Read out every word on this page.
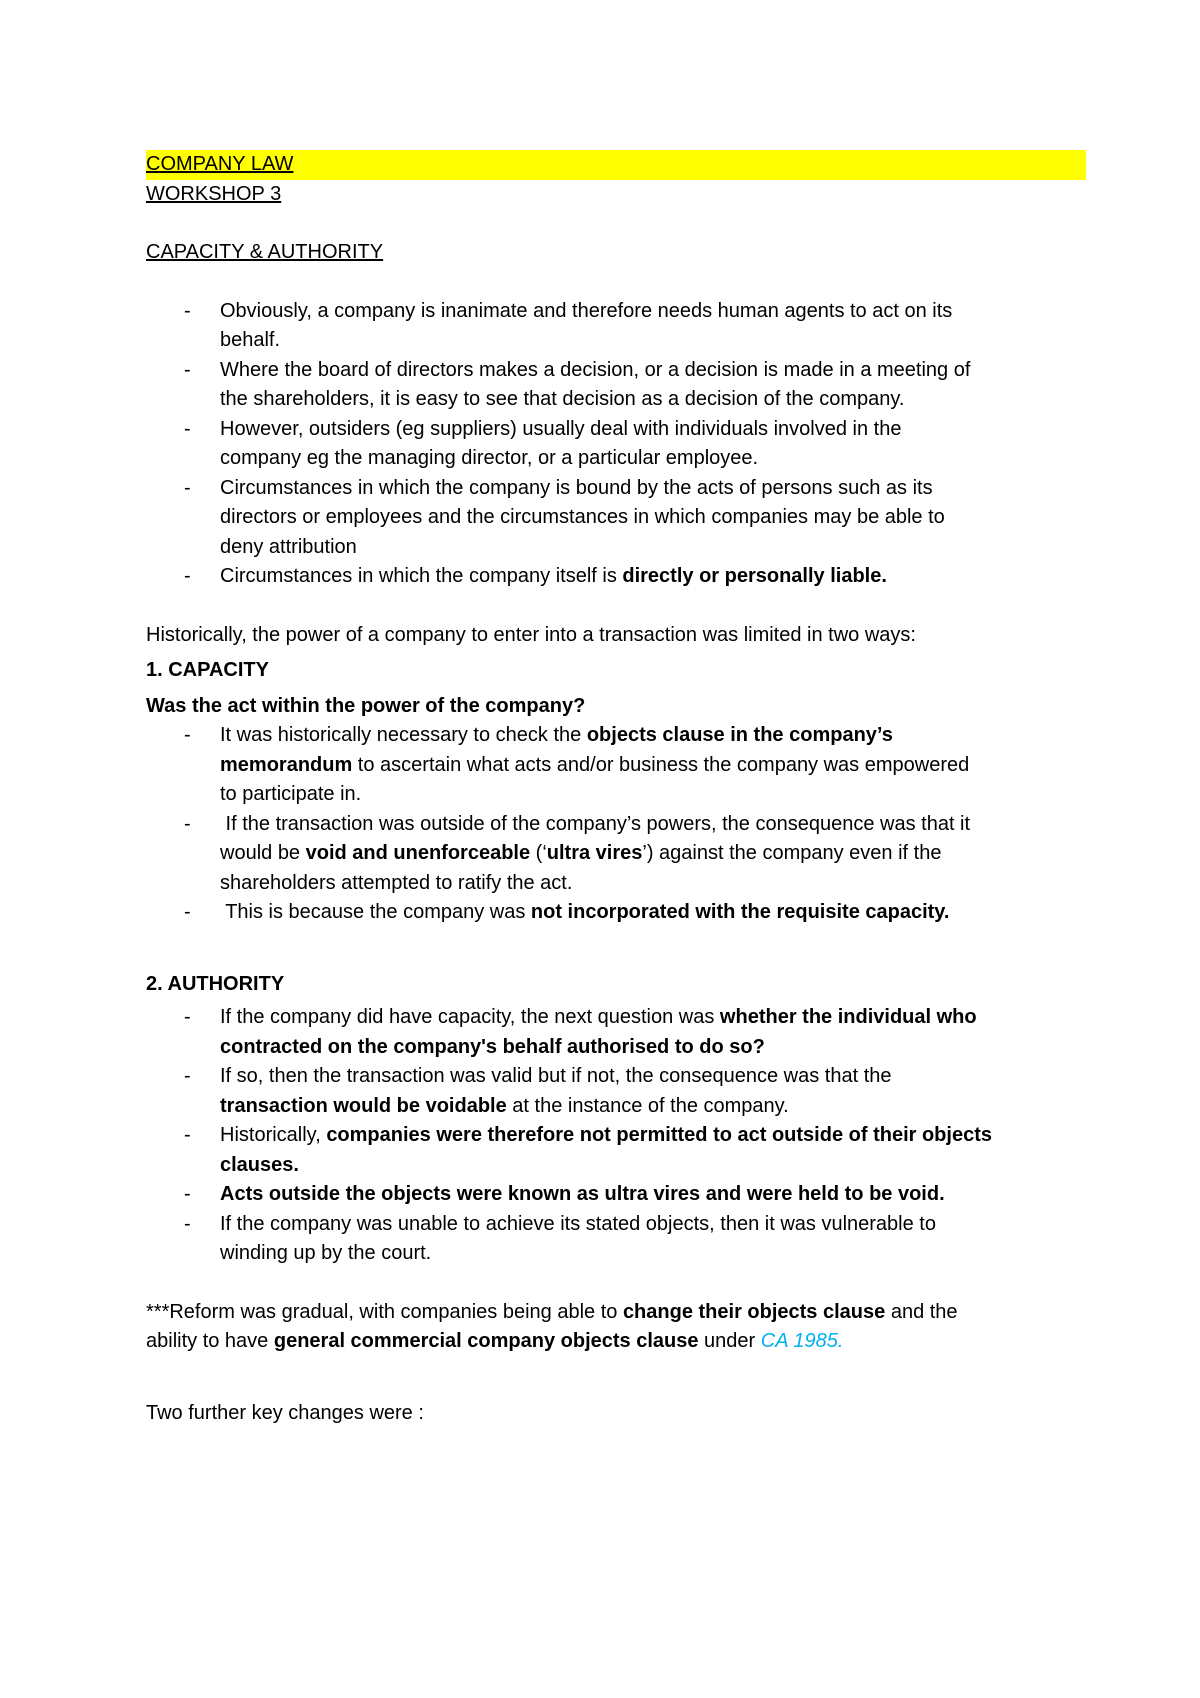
COMPANY LAW
WORKSHOP 3
CAPACITY & AUTHORITY
- Obviously, a company is inanimate and therefore needs human agents to act on its
behalf.
- Where the board of directors makes a decision, or a decision is made in a meeting of
the shareholders, it is easy to see that decision as a decision of the company.
- However, outsiders (eg suppliers) usually deal with individuals involved in the
company eg the managing director, or a particular employee.
- Circumstances in which the company is bound by the acts of persons such as its
directors or employees and the circumstances in which companies may be able to
deny attribution
- Circumstances in which the company itself is directly or personally liable.
Historically, the power of a company to enter into a transaction was limited in two ways:
1. CAPACITY
Was the act within the power of the company?
- It was historically necessary to check the objects clause in the company’s
memorandum to ascertain what acts and/or business the company was empowered
to participate in.
- If the transaction was outside of the company’s powers, the consequence was that it
would be void and unenforceable (‘ultra vires’) against the company even if the
shareholders attempted to ratify the act.
- This is because the company was not incorporated with the requisite capacity.
2. AUTHORITY
- If the company did have capacity, the next question was whether the individual who
contracted on the company's behalf authorised to do so?
- If so, then the transaction was valid but if not, the consequence was that the
transaction would be voidable at the instance of the company.
- Historically, companies were therefore not permitted to act outside of their objects
clauses.
- Acts outside the objects were known as ultra vires and were held to be void.
- If the company was unable to achieve its stated objects, then it was vulnerable to
winding up by the court.
***Reform was gradual, with companies being able to change their objects clause and the
ability to have general commercial company objects clause under CA 1985.
Two further key changes were :
